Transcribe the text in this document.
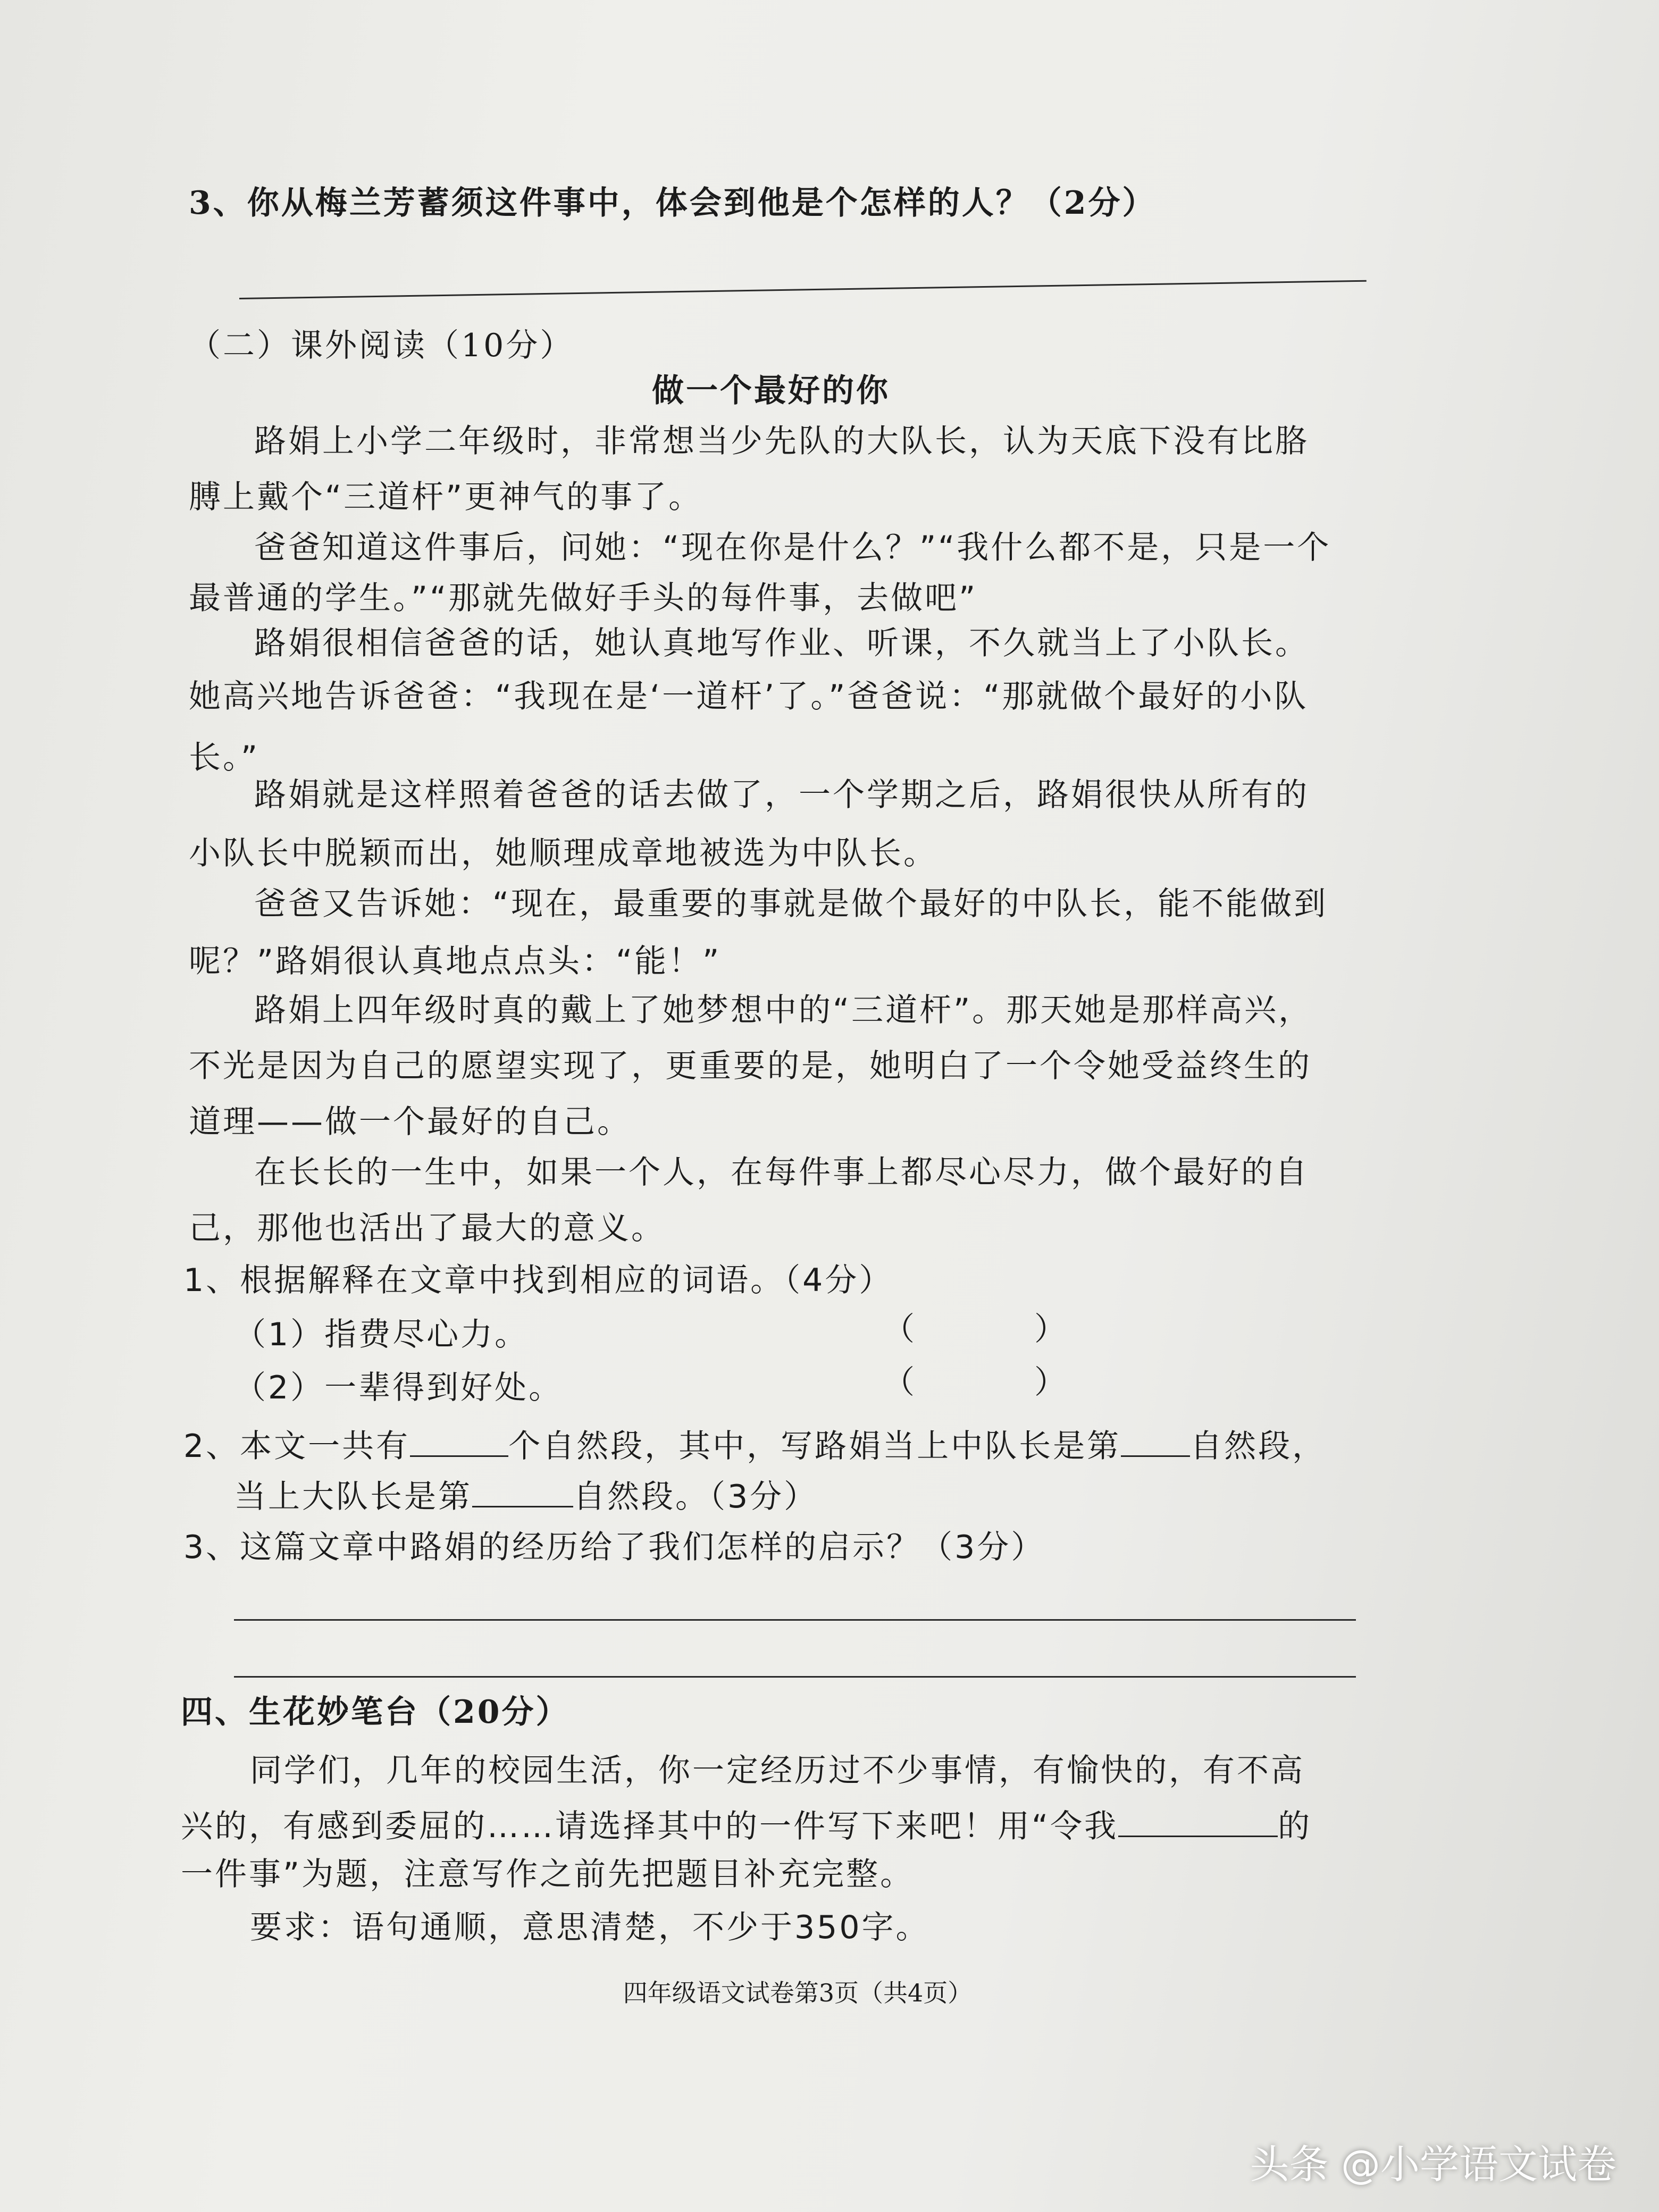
3、你从梅兰芳蓄须这件事中，体会到他是个怎样的人？（2分）
（二）课外阅读（10分）
做一个最好的你
路娟上小学二年级时，非常想当少先队的大队长，认为天底下没有比胳
膊上戴个“三道杆”更神气的事了。
爸爸知道这件事后，问她：“现在你是什么？”“我什么都不是，只是一个
最普通的学生。”“那就先做好手头的每件事，去做吧”
路娟很相信爸爸的话，她认真地写作业、听课，不久就当上了小队长。
她高兴地告诉爸爸：“我现在是‘一道杆’了。”爸爸说：“那就做个最好的小队
长。”
路娟就是这样照着爸爸的话去做了，一个学期之后，路娟很快从所有的
小队长中脱颖而出，她顺理成章地被选为中队长。
爸爸又告诉她：“现在，最重要的事就是做个最好的中队长，能不能做到
呢？”路娟很认真地点点头：“能！”
路娟上四年级时真的戴上了她梦想中的“三道杆”。那天她是那样高兴，
不光是因为自己的愿望实现了，更重要的是，她明白了一个令她受益终生的
道理——做一个最好的自己。
在长长的一生中，如果一个人，在每件事上都尽心尽力，做个最好的自
己，那他也活出了最大的意义。
1、根据解释在文章中找到相应的词语。（4分）
（1）指费尽心力。	（	）
（2）一辈得到好处。	（	）
2、本文一共有	个自然段，其中，写路娟当上中队长是第 自然段，
当上大队长是第	自然段。（3分）
3、这篇文章中路娟的经历给了我们怎样的启示？（3分）
四、生花妙笔台（20分）
同学们，几年的校园生活，你一定经历过不少事情，有愉快的，有不高
兴的，有感到委屈的……请选择其中的一件写下来吧！用“令我	的
一件事”为题，注意写作之前先把题目补充完整。
要求：语句通顺，意思清楚，不少于350字。
四年级语文试卷第3页（共4页）
头条 @小学语文试卷
